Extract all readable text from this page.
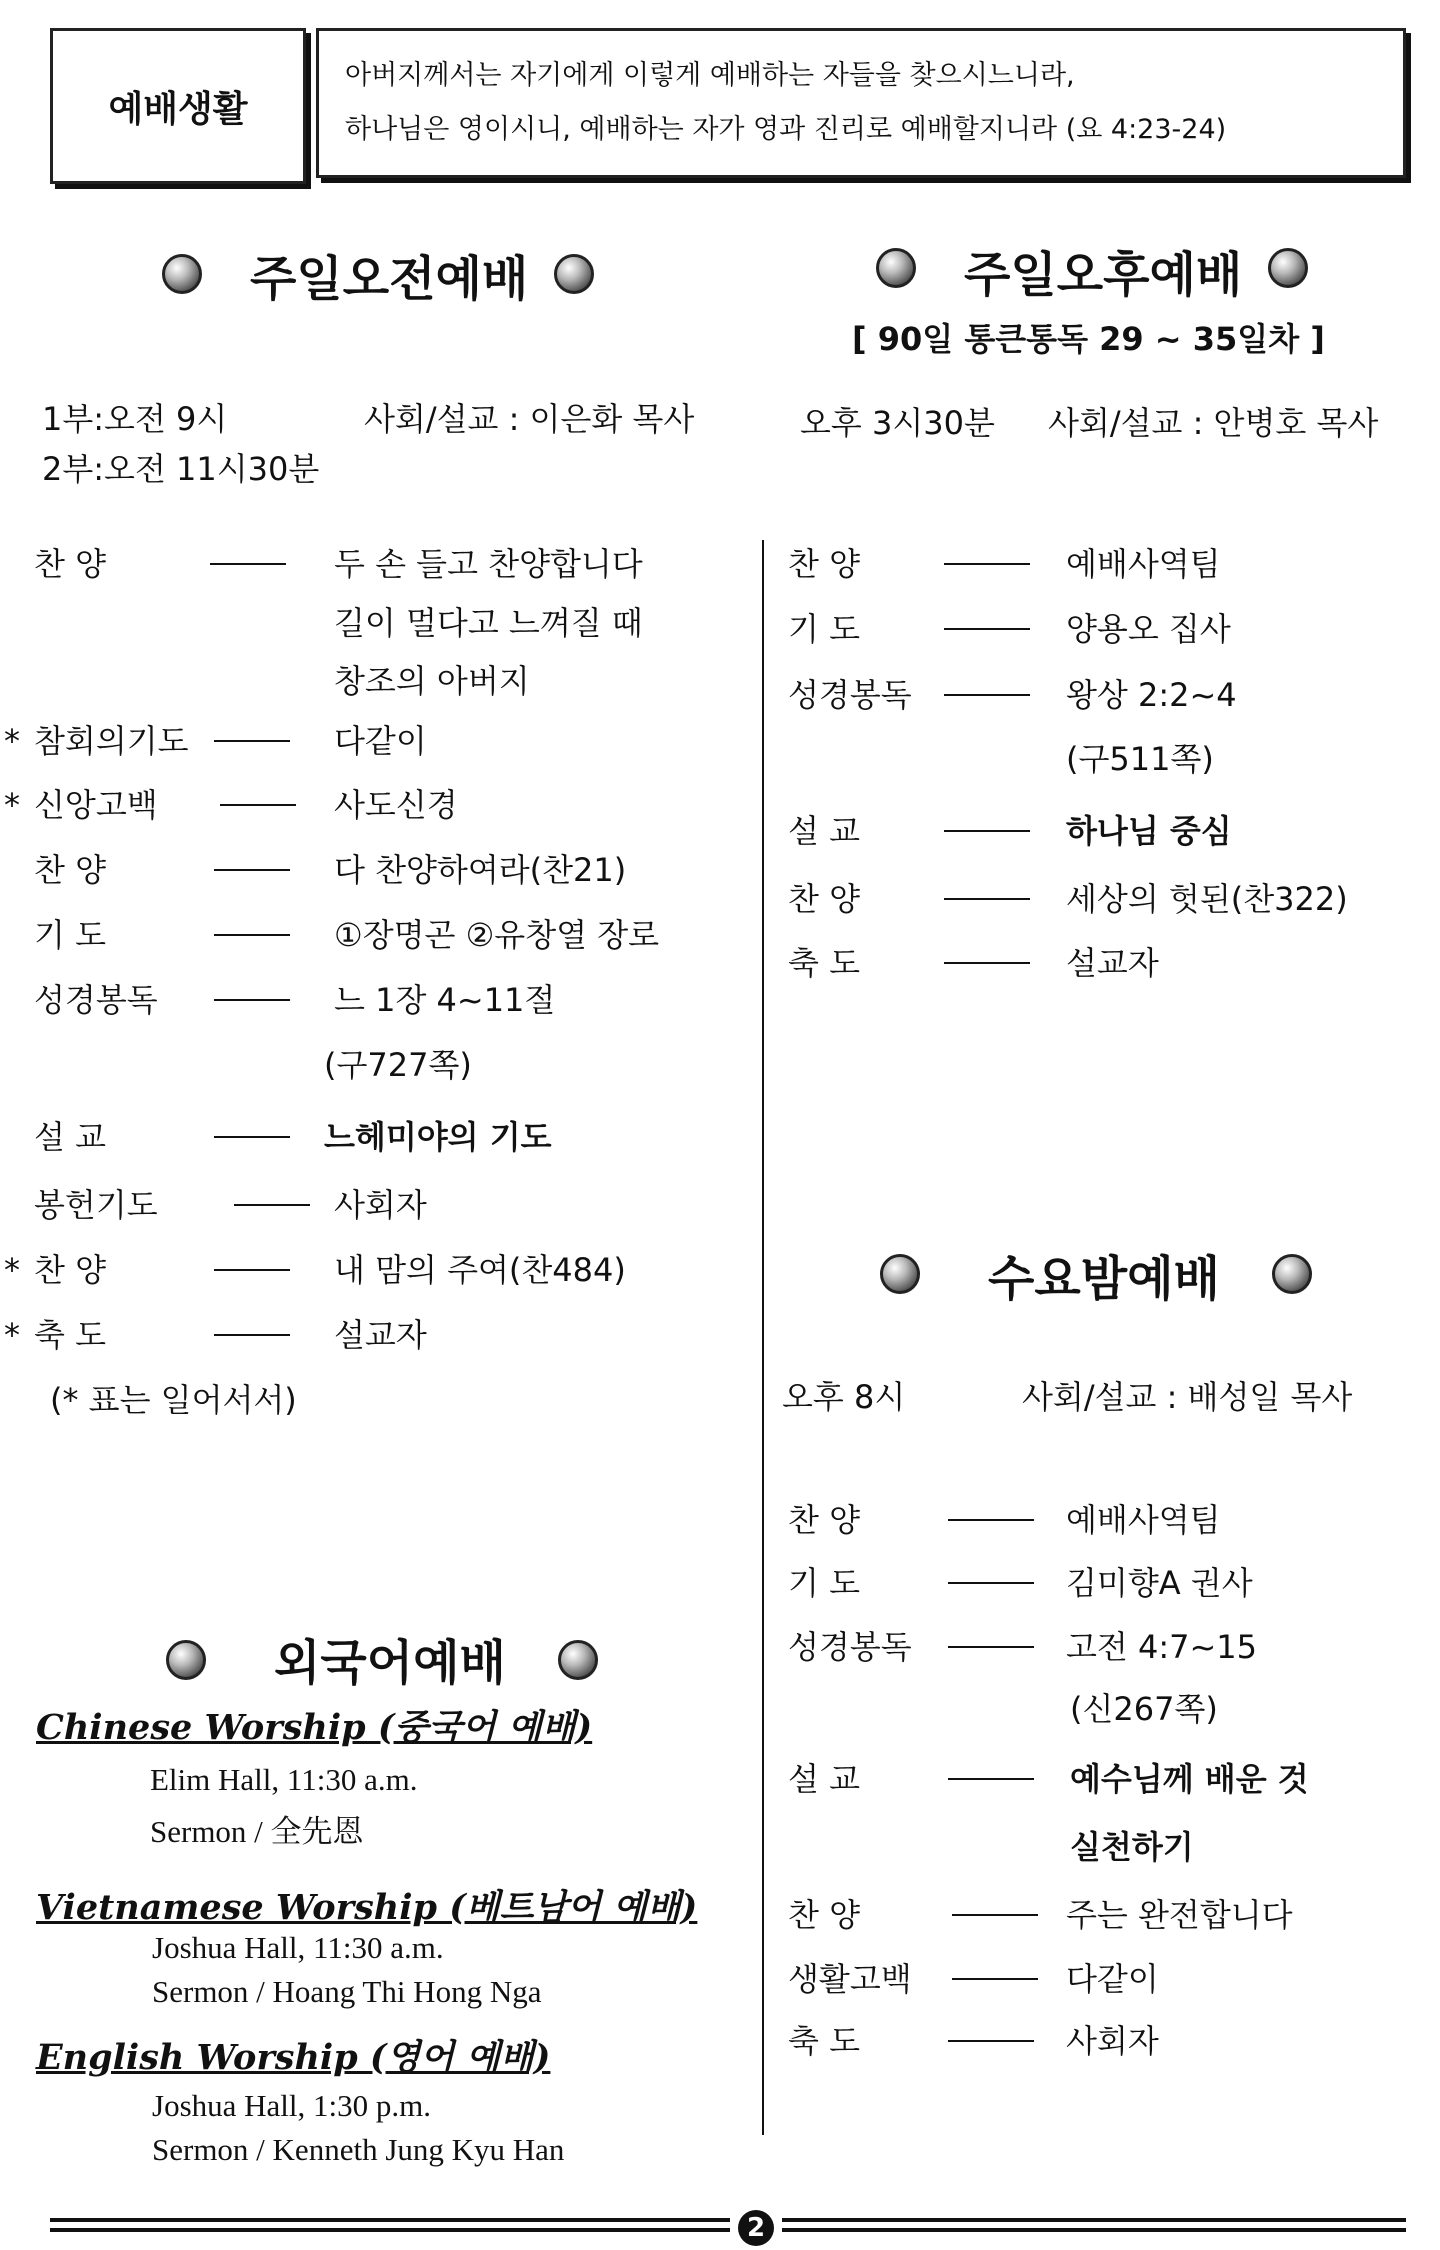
예배생활
아버지께서는 자기에게 이렇게 예배하는 자들을 찾으시느니라,
하나님은 영이시니, 예배하는 자가 영과 진리로 예배할지니라 (요 4:23-24)
주일오전예배	주일오후예배
[ 90일 통큰통독 29 ~ 35일차 ]
1부:오전 9시	사회/설교 : 이은화 목사
2부:오전 11시30분
오후 3시30분 사회/설교 : 안병호 목사
찬 양	두 손 들고 찬양합니다
길이 멀다고 느껴질 때
창조의 아버지
* 참회의기도	다같이
* 신앙고백	사도신경
찬 양	다 찬양하여라(찬21)
기 도	①장명곤 ②유창열 장로
성경봉독	느 1장 4~11절
(구727쪽)
설 교	느헤미야의 기도
봉헌기도	사회자
* 찬 양	내 맘의 주여(찬484)
* 축 도	설교자
(* 표는 일어서서)
찬 양	예배사역팀
기 도	양용오 집사
성경봉독	왕상 2:2~4
(구511쪽)
설 교	하나님 중심
찬 양	세상의 헛된(찬322)
축 도	설교자
수요밤예배
오후 8시	사회/설교 : 배성일 목사
찬 양	예배사역팀
기 도	김미향A 권사
성경봉독	고전 4:7~15
(신267쪽)
설 교	예수님께 배운 것
실천하기
찬 양	주는 완전합니다
생활고백	다같이
축 도	사회자
외국어예배
Chinese Worship (중국어 예배)
Elim Hall, 11:30 a.m.
Sermon / 全先恩
Vietnamese Worship (베트남어 예배)
Joshua Hall, 11:30 a.m.
Sermon / Hoang Thi Hong Nga
English Worship (영어 예배)
Joshua Hall, 1:30 p.m.
Sermon / Kenneth Jung Kyu Han
2
